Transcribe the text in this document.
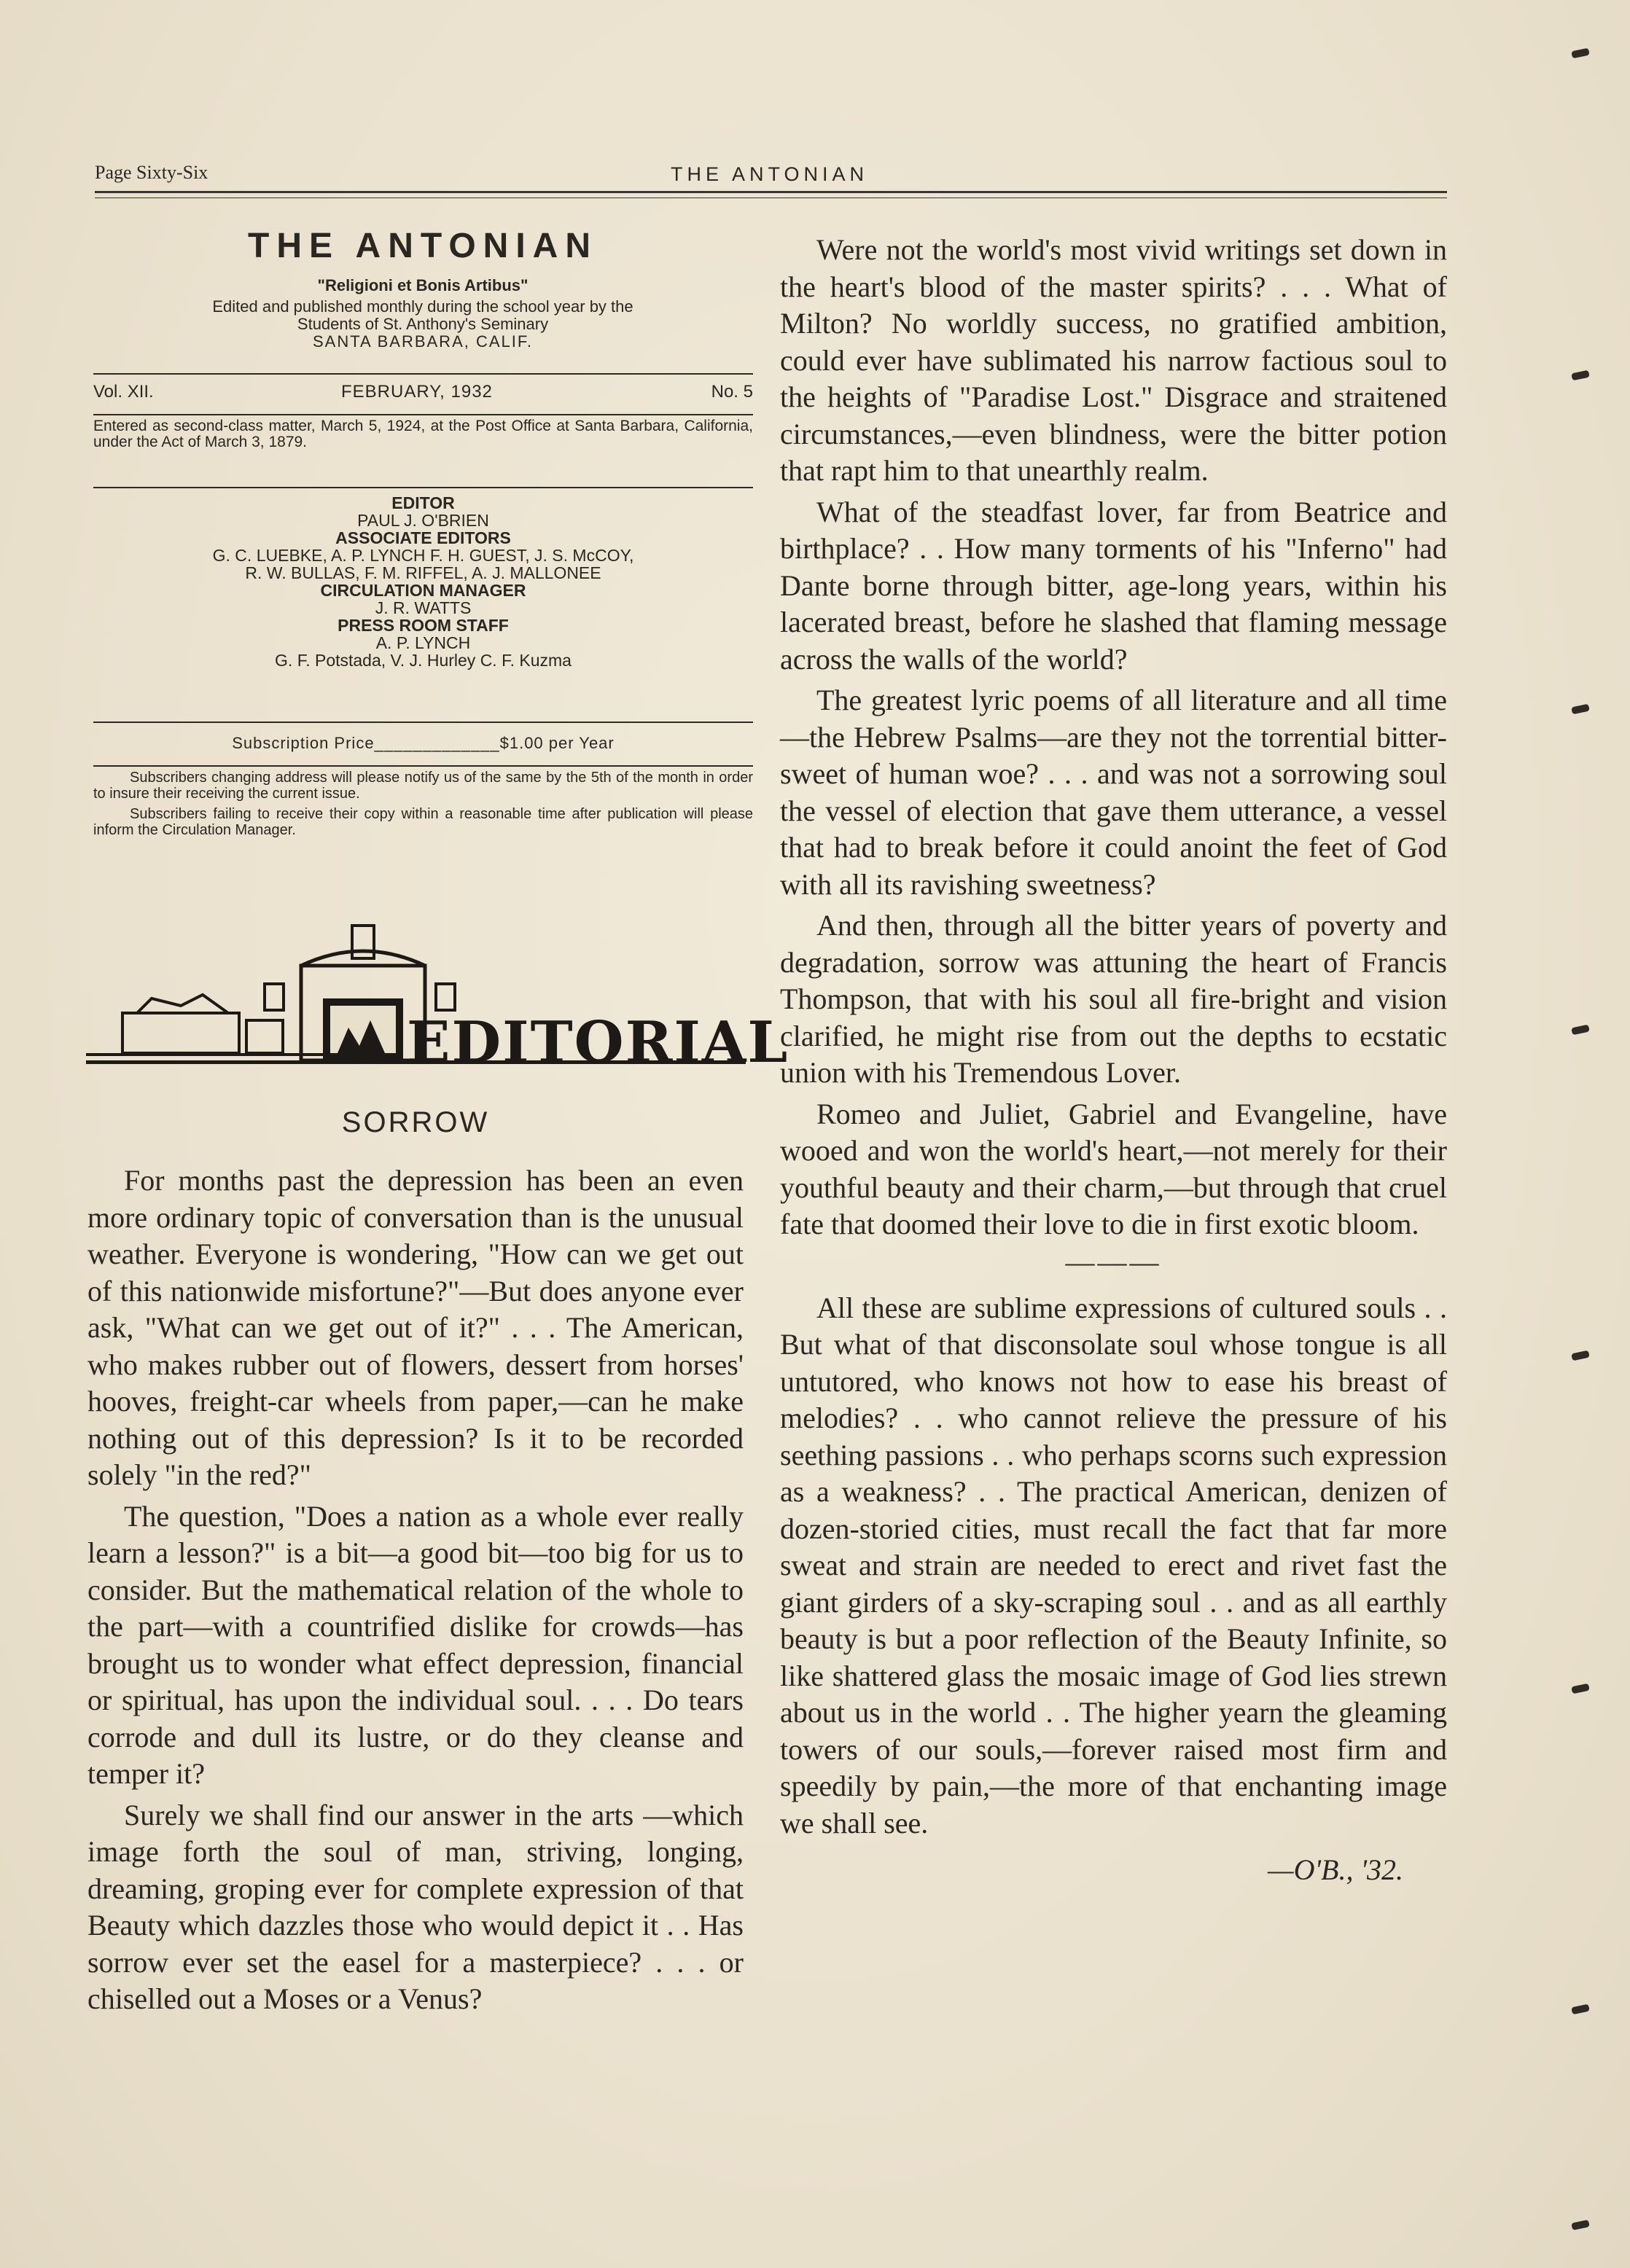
Page Sixty-Six	THE ANTONIAN
THE ANTONIAN
"Religioni et Bonis Artibus"
Edited and published monthly during the school year by the
Students of St. Anthony's Seminary
SANTA BARBARA, CALIF.
Vol. XII.	FEBRUARY, 1932	No. 5
Entered as second-class matter, March 5, 1924, at the Post Office at Santa Barbara, California, under the Act of March 3, 1879.
EDITOR
PAUL J. O'BRIEN
ASSOCIATE EDITORS
G. C. LUEBKE, A. P. LYNCH F. H. GUEST, J. S. McCOY,
R. W. BULLAS, F. M. RIFFEL, A. J. MALLONEE
CIRCULATION MANAGER
J. R. WATTS
PRESS ROOM STAFF
A. P. LYNCH
G. F. Potstada, V. J. Hurley C. F. Kuzma
Subscription Price_____________$1.00 per Year

Subscribers changing address will please notify us of the same by the 5th of the month in order to insure their receiving the current issue.

Subscribers failing to receive their copy within a reasonable time after publication will please inform the Circulation Manager.

EDITORIAL
SORROW

For months past the depression has been an even more ordinary topic of conversation than is the unusual weather. Everyone is wondering, "How can we get out of this nationwide misfortune?"—But does anyone ever ask, "What can we get out of it?" . . . The American, who makes rubber out of flowers, dessert from horses' hooves, freight-car wheels from paper,—can he make nothing out of this depression? Is it to be recorded solely "in the red?"

The question, "Does a nation as a whole ever really learn a lesson?" is a bit—a good bit—too big for us to consider. But the mathematical relation of the whole to the part—with a countrified dislike for crowds—has brought us to wonder what effect depression, financial or spiritual, has upon the individual soul. . . . Do tears corrode and dull its lustre, or do they cleanse and temper it?

Surely we shall find our answer in the arts —which image forth the soul of man, striving, longing, dreaming, groping ever for complete expression of that Beauty which dazzles those who would depict it . . Has sorrow ever set the easel for a masterpiece? . . . or chiselled out a Moses or a Venus?

Were not the world's most vivid writings set down in the heart's blood of the master spirits? . . . What of Milton? No worldly success, no gratified ambition, could ever have sublimated his narrow factious soul to the heights of "Paradise Lost." Disgrace and straitened circumstances,—even blindness, were the bitter potion that rapt him to that unearthly realm.

What of the steadfast lover, far from Beatrice and birthplace? . . How many torments of his "Inferno" had Dante borne through bitter, age-long years, within his lacerated breast, before he slashed that flaming message across the walls of the world?

The greatest lyric poems of all literature and all time—the Hebrew Psalms—are they not the torrential bitter-sweet of human woe? . . . and was not a sorrowing soul the vessel of election that gave them utterance, a vessel that had to break before it could anoint the feet of God with all its ravishing sweetness?

And then, through all the bitter years of poverty and degradation, sorrow was attuning the heart of Francis Thompson, that with his soul all fire-bright and vision clarified, he might rise from out the depths to ecstatic union with his Tremendous Lover.

Romeo and Juliet, Gabriel and Evangeline, have wooed and won the world's heart,—not merely for their youthful beauty and their charm,—but through that cruel fate that doomed their love to die in first exotic bloom.

———

All these are sublime expressions of cultured souls . . But what of that disconsolate soul whose tongue is all untutored, who knows not how to ease his breast of melodies? . . who cannot relieve the pressure of his seething passions . . who perhaps scorns such expression as a weakness? . . The practical American, denizen of dozen-storied cities, must recall the fact that far more sweat and strain are needed to erect and rivet fast the giant girders of a sky-scraping soul . . and as all earthly beauty is but a poor reflection of the Beauty Infinite, so like shattered glass the mosaic image of God lies strewn about us in the world . . The higher yearn the gleaming towers of our souls,—forever raised most firm and speedily by pain,—the more of that enchanting image we shall see.

—O'B., '32.
